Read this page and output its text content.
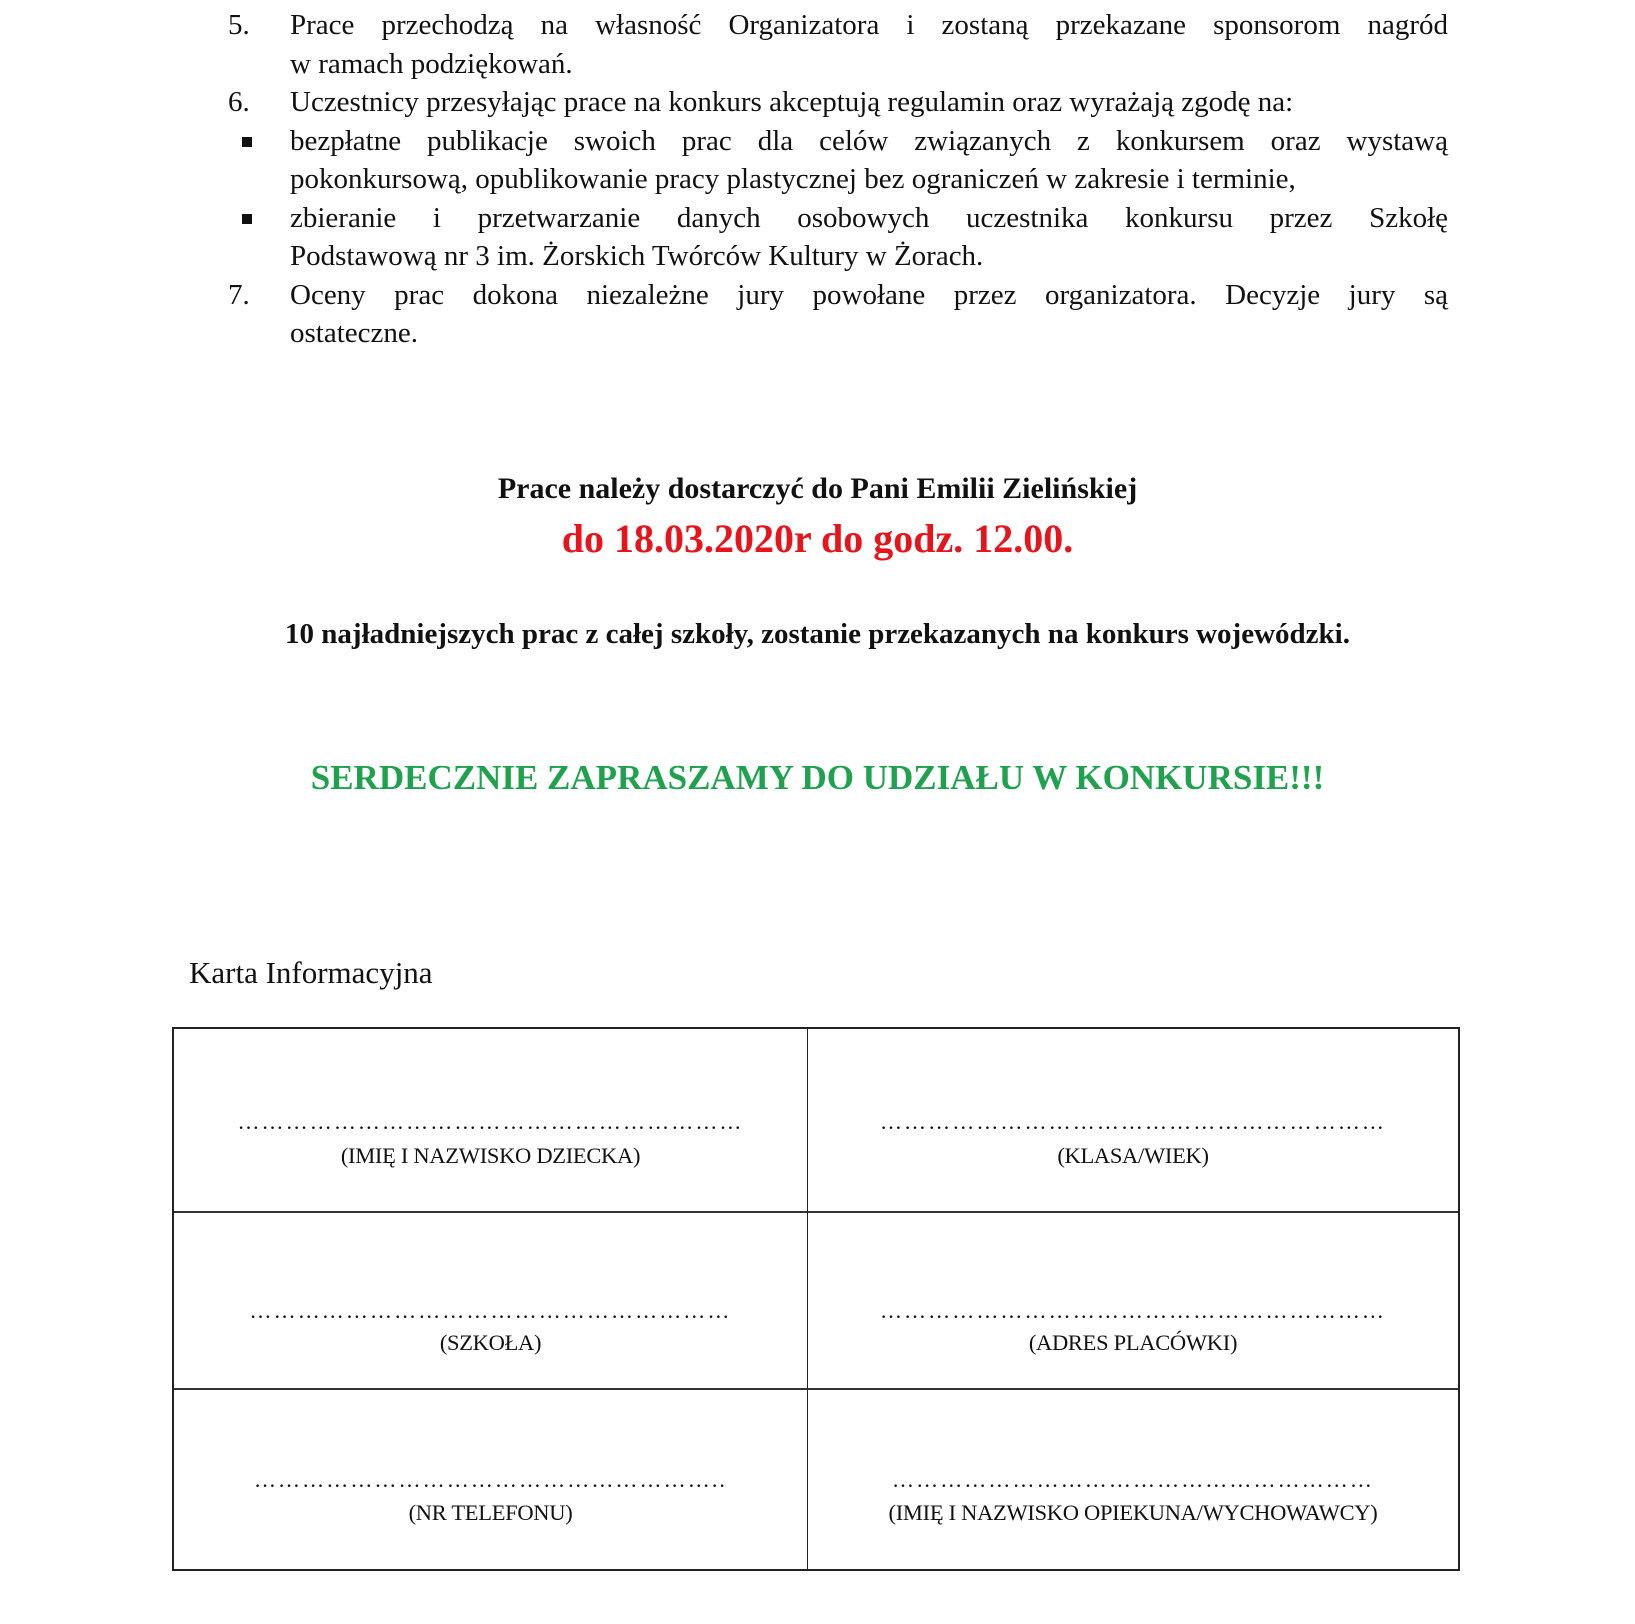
5. Prace przechodzą na własność Organizatora i zostaną przekazane sponsorom nagród
w ramach podziękowań.
6. Uczestnicy przesyłając prace na konkurs akceptują regulamin oraz wyrażają zgodę na:
bezpłatne publikacje swoich prac dla celów związanych z konkursem oraz wystawą
pokonkursową, opublikowanie pracy plastycznej bez ograniczeń w zakresie i terminie,
zbieranie i przetwarzanie danych osobowych uczestnika konkursu przez Szkołę
Podstawową nr 3 im. Żorskich Twórców Kultury w Żorach.
7. Oceny prac dokona niezależne jury powołane przez organizatora. Decyzje jury są
ostateczne.
Prace należy dostarczyć do Pani Emilii Zielińskiej
do 18.03.2020r do godz. 12.00.
10 najładniejszych prac z całej szkoły, zostanie przekazanych na konkurs wojewódzki.
SERDECZNIE ZAPRASZAMY DO UDZIAŁU W KONKURSIE!!!
Karta Informacyjna
………………………………………………………
(IMIĘ I NAZWISKO DZIECKA)
………………………………………………………
(KLASA/WIEK)
……………………………………………………
(SZKOŁA)
………………………………………………………
(ADRES PLACÓWKI)
…………………………………………………..
(NR TELEFONU)
……………………………………………………
(IMIĘ I NAZWISKO OPIEKUNA/WYCHOWAWCY)
